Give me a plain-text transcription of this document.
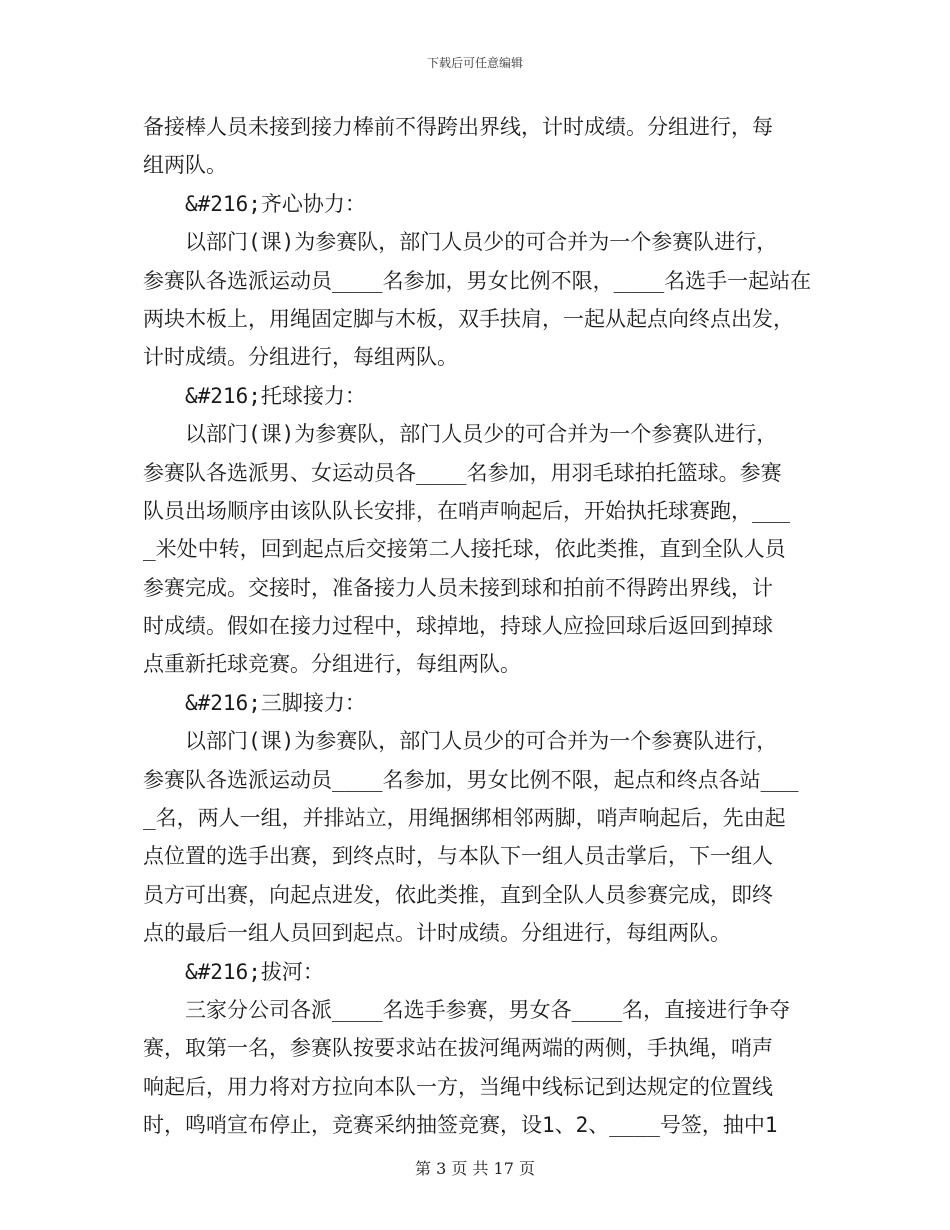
下载后可任意编辑
备接棒人员未接到接力棒前不得跨出界线，计时成绩。分组进行，每
组两队。
&#216;齐心协力：
以部门(课)为参赛队，部门人员少的可合并为一个参赛队进行，
参赛队各选派运动员____名参加，男女比例不限，____名选手一起站在
两块木板上，用绳固定脚与木板，双手扶肩，一起从起点向终点出发，
计时成绩。分组进行，每组两队。
&#216;托球接力：
以部门(课)为参赛队，部门人员少的可合并为一个参赛队进行，
参赛队各选派男、女运动员各____名参加，用羽毛球拍托篮球。参赛
队员出场顺序由该队队长安排，在哨声响起后，开始执托球赛跑，___
_米处中转，回到起点后交接第二人接托球，依此类推，直到全队人员
参赛完成。交接时，准备接力人员未接到球和拍前不得跨出界线，计
时成绩。假如在接力过程中，球掉地，持球人应捡回球后返回到掉球
点重新托球竞赛。分组进行，每组两队。
&#216;三脚接力：
以部门(课)为参赛队，部门人员少的可合并为一个参赛队进行，
参赛队各选派运动员____名参加，男女比例不限，起点和终点各站___
_名，两人一组，并排站立，用绳捆绑相邻两脚，哨声响起后，先由起
点位置的选手出赛，到终点时，与本队下一组人员击掌后，下一组人
员方可出赛，向起点进发，依此类推，直到全队人员参赛完成，即终
点的最后一组人员回到起点。计时成绩。分组进行，每组两队。
&#216;拔河：
三家分公司各派____名选手参赛，男女各____名，直接进行争夺
赛，取第一名，参赛队按要求站在拔河绳两端的两侧，手执绳，哨声
响起后，用力将对方拉向本队一方，当绳中线标记到达规定的位置线
时，鸣哨宣布停止，竞赛采纳抽签竞赛，设1、2、____号签，抽中1
第 3 页 共 17 页
